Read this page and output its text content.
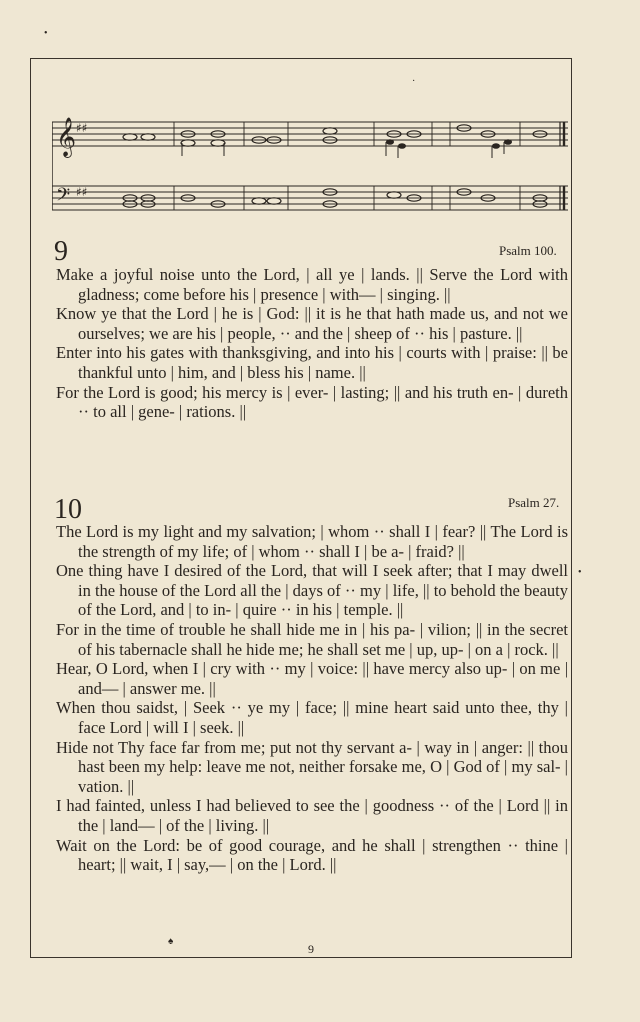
𝄞
𝄢
♯♯
♯♯
•
·
•
♠
9	Psalm 100.

Make a joyful noise unto the Lord, | all ye | lands. || Serve the Lord with gladness; come before his | presence | with— | singing. ||

Know ye that the Lord | he is | God: || it is he that hath made us, and not we ourselves; we are his | people, ·· and the | sheep of ·· his | pasture. ||

Enter into his gates with thanksgiving, and into his | courts with | praise: || be thankful unto | him, and | bless his | name. ||

For the Lord is good; his mercy is | ever- | lasting; || and his truth en- | dureth ·· to all | gene- | rations. ||

10	Psalm 27.

The Lord is my light and my salvation; | whom ·· shall I | fear? || The Lord is the strength of my life; of | whom ·· shall I | be a- | fraid? ||

One thing have I desired of the Lord, that will I seek after; that I may dwell in the house of the Lord all the | days of ·· my | life, || to behold the beauty of the Lord, and | to in- | quire ·· in his | temple. ||

For in the time of trouble he shall hide me in | his pa- | vilion; || in the secret of his tabernacle shall he hide me; he shall set me | up, up- | on a | rock. ||

Hear, O Lord, when I | cry with ·· my | voice: || have mercy also up- | on me | and— | answer me. ||

When thou saidst, | Seek ·· ye my | face; || mine heart said unto thee, thy | face Lord | will I | seek. ||

Hide not Thy face far from me; put not thy servant a- | way in | anger: || thou hast been my help: leave me not, neither forsake me, O | God of | my sal- | vation. ||

I had fainted, unless I had believed to see the | goodness ·· of the | Lord || in the | land— | of the | living. ||

Wait on the Lord: be of good courage, and he shall | strengthen ·· thine | heart; || wait, I | say,— | on the | Lord. ||

9
